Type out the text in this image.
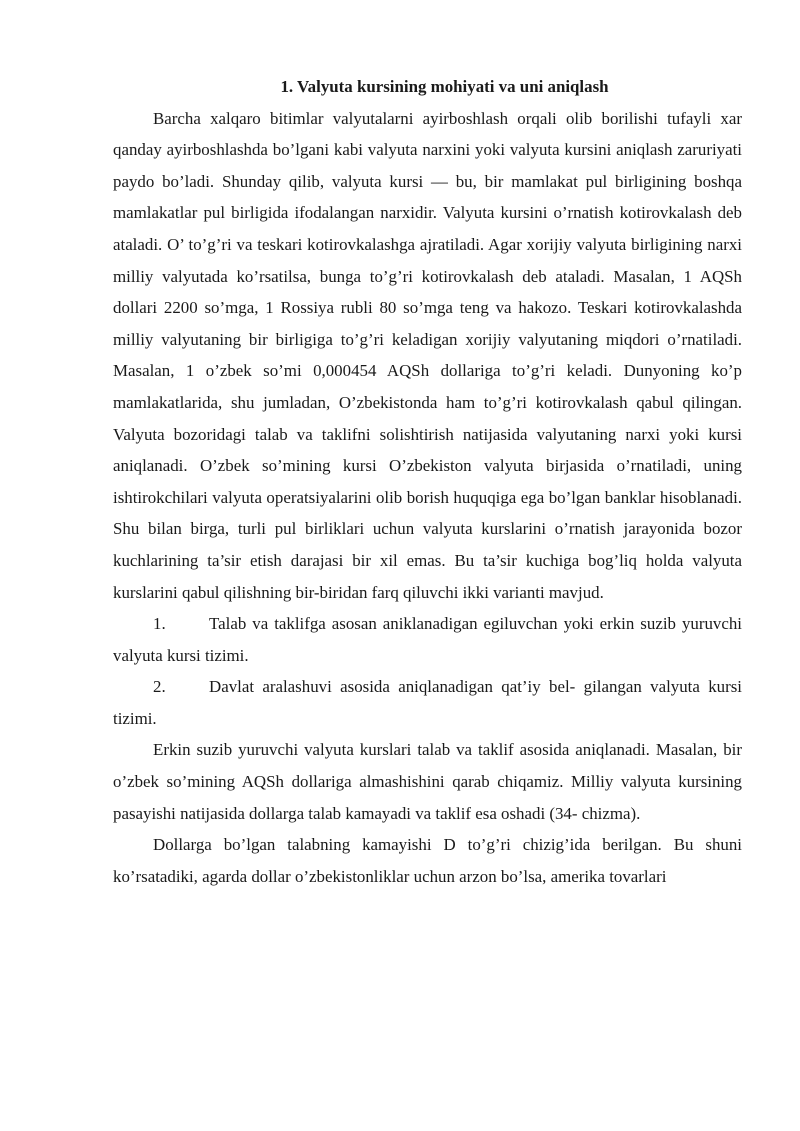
1. Valyuta kursining mohiyati va uni aniqlash

Barcha xalqaro bitimlar valyutalarni ayirboshlash orqali olib borilishi tufayli xar qanday ayirboshlashda bo’lgani kabi valyuta narxini yoki valyuta kursini aniqlash zaruriyati paydo bo’ladi. Shunday qilib, valyuta kursi — bu, bir mamlakat pul birligining boshqa mamlakatlar pul birligida ifodalangan narxidir. Valyuta kursini o’rnatish kotirovkalash deb ataladi. O’ to’g’ri va teskari kotirovkalashga ajratiladi. Agar xorijiy valyuta birligining narxi milliy valyutada ko’rsatilsa, bunga to’g’ri kotirovkalash deb ataladi. Masalan, 1 AQSh dollari 2200 so’mga, 1 Rossiya rubli 80 so’mga teng va hakozo. Teskari kotirovkalashda milliy valyutaning bir birligiga to’g’ri keladigan xorijiy valyutaning miqdori o’rnatiladi. Masalan, 1 o’zbek so’mi 0,000454 AQSh dollariga to’g’ri keladi. Dunyoning ko’p mamlakatlarida, shu jumladan, O’zbekistonda ham to’g’ri kotirovkalash qabul qilingan. Valyuta bozoridagi talab va taklifni solishtirish natijasida valyutaning narxi yoki kursi aniqlanadi. O’zbek so’mining kursi O’zbekiston valyuta birjasida o’rnatiladi, uning ishtirokchilari valyuta operatsiyalarini olib borish huquqiga ega bo’lgan banklar hisoblanadi. Shu bilan birga, turli pul birliklari uchun valyuta kurslarini o’rnatish jarayonida bozor kuchlarining ta’sir etish darajasi bir xil emas. Bu ta’sir kuchiga bog’liq holda valyuta kurslarini qabul qilishning bir-biridan farq qiluvchi ikki varianti mavjud.

1.	Talab va taklifga asosan aniklanadigan egiluvchan yoki erkin suzib yuruvchi valyuta kursi tizimi.

2.	Davlat aralashuvi asosida aniqlanadigan qat’iy bel- gilangan valyuta kursi tizimi.

Erkin suzib yuruvchi valyuta kurslari talab va taklif asosida aniqlanadi. Masalan, bir o’zbek so’mining AQSh dollariga almashishini qarab chiqamiz. Milliy valyuta kursining pasayishi natijasida dollarga talab kamayadi va taklif esa oshadi (34- chizma).

Dollarga bo’lgan talabning kamayishi D to’g’ri chizig’ida berilgan. Bu shuni ko’rsatadiki, agarda dollar o’zbekistonliklar uchun arzon bo’lsa, amerika tovarlari
